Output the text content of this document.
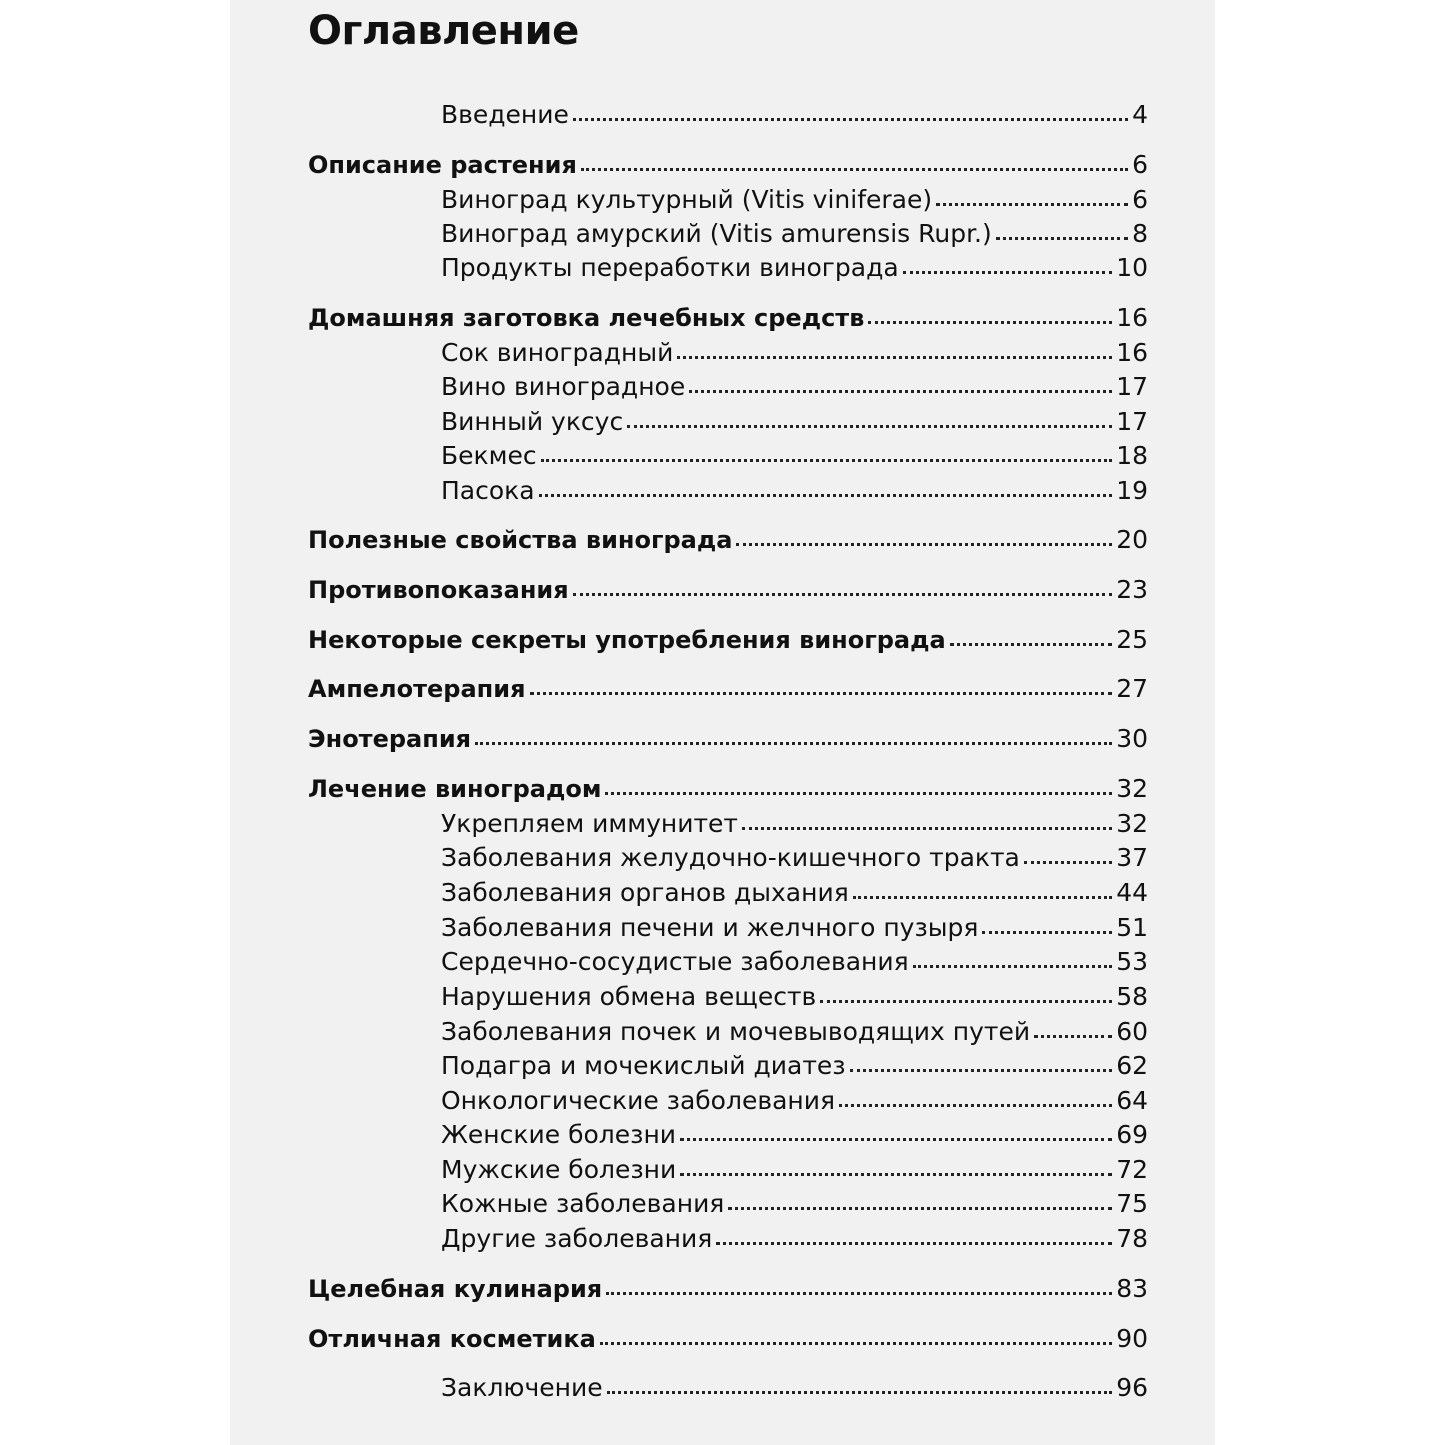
Оглавление
Введение	4
Описание растения	6
Виноград культурный (Vitis viniferae)	6
Виноград амурский (Vitis amurensis Rupr.)	8
Продукты переработки винограда	10
Домашняя заготовка лечебных средств	16
Сок виноградный	16
Вино виноградное	17
Винный уксус	17
Бекмес	18
Пасока	19
Полезные свойства винограда	20
Противопоказания	23
Некоторые секреты употребления винограда	25
Ампелотерапия	27
Энотерапия	30
Лечение виноградом	32
Укрепляем иммунитет	32
Заболевания желудочно-кишечного тракта	37
Заболевания органов дыхания	44
Заболевания печени и желчного пузыря	51
Сердечно-сосудистые заболевания	53
Нарушения обмена веществ	58
Заболевания почек и мочевыводящих путей	60
Подагра и мочекислый диатез	62
Онкологические заболевания	64
Женские болезни	69
Мужские болезни	72
Кожные заболевания	75
Другие заболевания	78
Целебная кулинария	83
Отличная косметика	90
Заключение	96
